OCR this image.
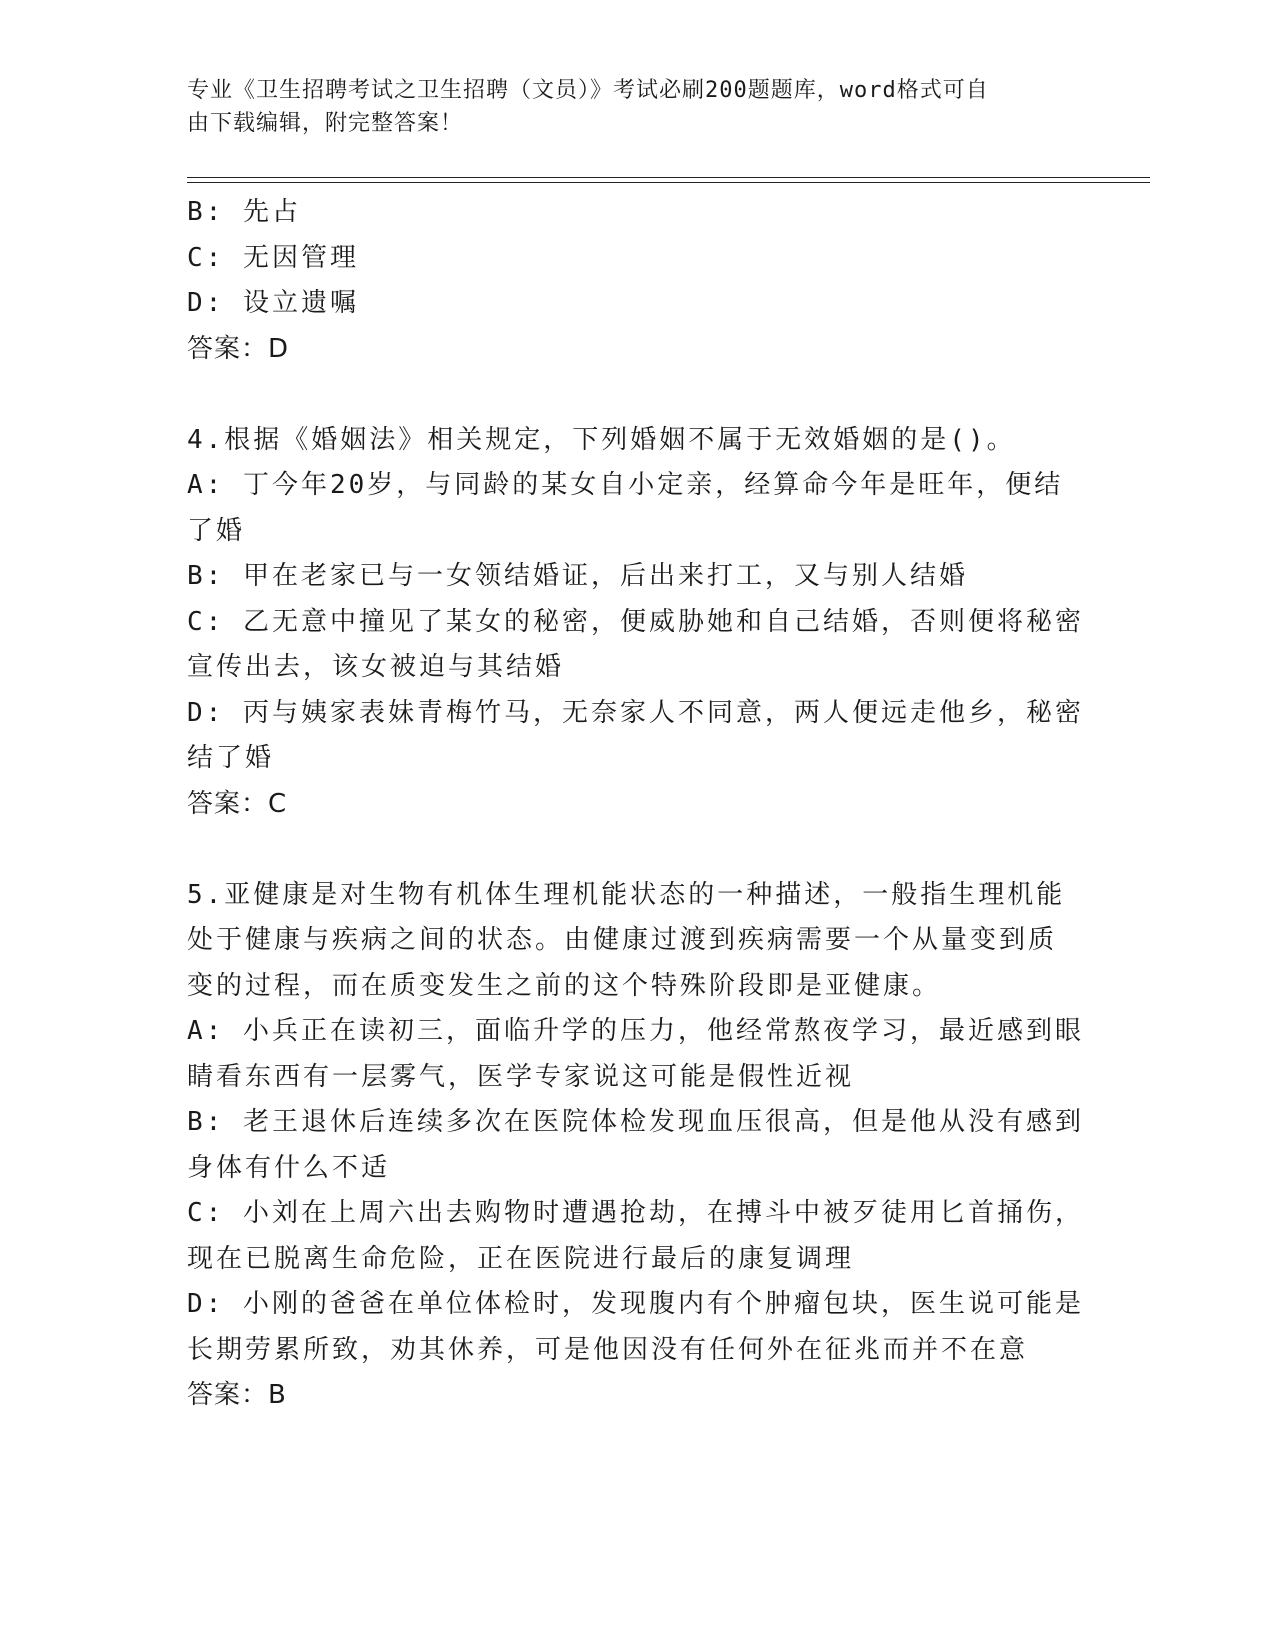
专业《卫生招聘考试之卫生招聘（文员）》考试必刷200题题库，word格式可自
由下载编辑，附完整答案！
B: 先占
C: 无因管理
D: 设立遗嘱
答案：D
4.根据《婚姻法》相关规定，下列婚姻不属于无效婚姻的是()。
A: 丁今年20岁，与同龄的某女自小定亲，经算命今年是旺年，便结
了婚
B: 甲在老家已与一女领结婚证，后出来打工，又与别人结婚
C: 乙无意中撞见了某女的秘密，便威胁她和自己结婚，否则便将秘密
宣传出去，该女被迫与其结婚
D: 丙与姨家表妹青梅竹马，无奈家人不同意，两人便远走他乡，秘密
结了婚
答案：C
5.亚健康是对生物有机体生理机能状态的一种描述，一般指生理机能
处于健康与疾病之间的状态。由健康过渡到疾病需要一个从量变到质
变的过程，而在质变发生之前的这个特殊阶段即是亚健康。
A: 小兵正在读初三，面临升学的压力，他经常熬夜学习，最近感到眼
睛看东西有一层雾气，医学专家说这可能是假性近视
B: 老王退休后连续多次在医院体检发现血压很高，但是他从没有感到
身体有什么不适
C: 小刘在上周六出去购物时遭遇抢劫，在搏斗中被歹徒用匕首捅伤，
现在已脱离生命危险，正在医院进行最后的康复调理
D: 小刚的爸爸在单位体检时，发现腹内有个肿瘤包块，医生说可能是
长期劳累所致，劝其休养，可是他因没有任何外在征兆而并不在意
答案：B
